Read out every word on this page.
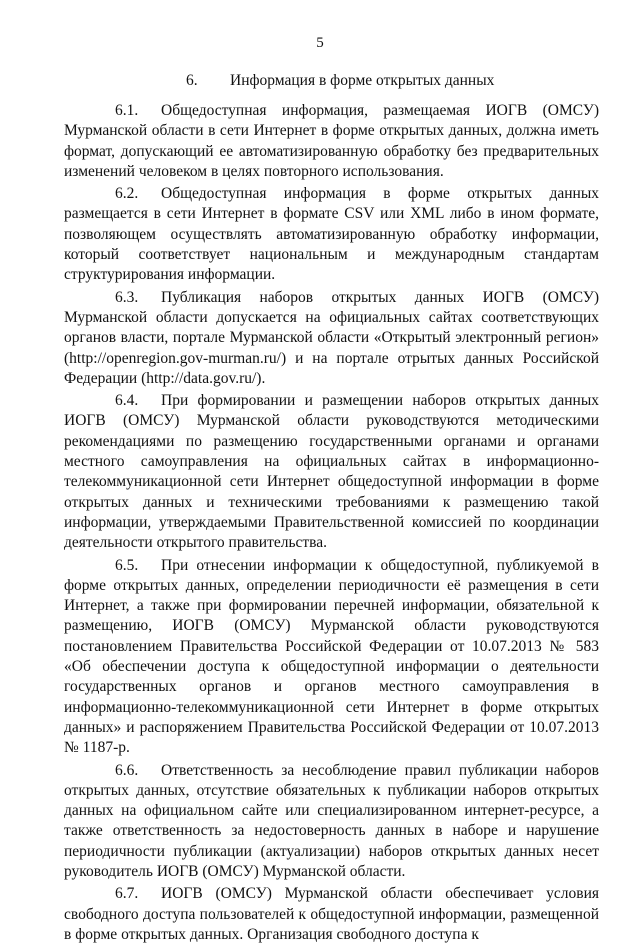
5
6. Информация в форме открытых данных

6.1. Общедоступная информация, размещаемая ИОГВ (ОМСУ) Мурманской области в сети Интернет в форме открытых данных, должна иметь формат, допускающий ее автоматизированную обработку без предварительных изменений человеком в целях повторного использования.

6.2. Общедоступная информация в форме открытых данных размещается в сети Интернет в формате CSV или XML либо в ином формате, позволяющем осуществлять автоматизированную обработку информации, который соответствует национальным и международным стандартам структурирования информации.

6.3. Публикация наборов открытых данных ИОГВ (ОМСУ) Мурманской области допускается на официальных сайтах соответствующих органов власти, портале Мурманской области «Открытый электронный регион» (http://openregion.gov-murman.ru/) и на портале отрытых данных Российской Федерации (http://data.gov.ru/).

6.4. При формировании и размещении наборов открытых данных ИОГВ (ОМСУ) Мурманской области руководствуются методическими рекомендациями по размещению государственными органами и органами местного самоуправления на официальных сайтах в информационно-телекоммуникационной сети Интернет общедоступной информации в форме открытых данных и техническими требованиями к размещению такой информации, утверждаемыми Правительственной комиссией по координации деятельности открытого правительства.

6.5. При отнесении информации к общедоступной, публикуемой в форме открытых данных, определении периодичности её размещения в сети Интернет, а также при формировании перечней информации, обязательной к размещению, ИОГВ (ОМСУ) Мурманской области руководствуются постановлением Правительства Российской Федерации от 10.07.2013 № 583 «Об обеспечении доступа к общедоступной информации о деятельности государственных органов и органов местного самоуправления в информационно-телекоммуникационной сети Интернет в форме открытых данных» и распоряжением Правительства Российской Федерации от 10.07.2013 № 1187-р.

6.6. Ответственность за несоблюдение правил публикации наборов открытых данных, отсутствие обязательных к публикации наборов открытых данных на официальном сайте или специализированном интернет-ресурсе, а также ответственность за недостоверность данных в наборе и нарушение периодичности публикации (актуализации) наборов открытых данных несет руководитель ИОГВ (ОМСУ) Мурманской области.

6.7. ИОГВ (ОМСУ) Мурманской области обеспечивает условия свободного доступа пользователей к общедоступной информации, размещенной в форме открытых данных. Организация свободного доступа к
